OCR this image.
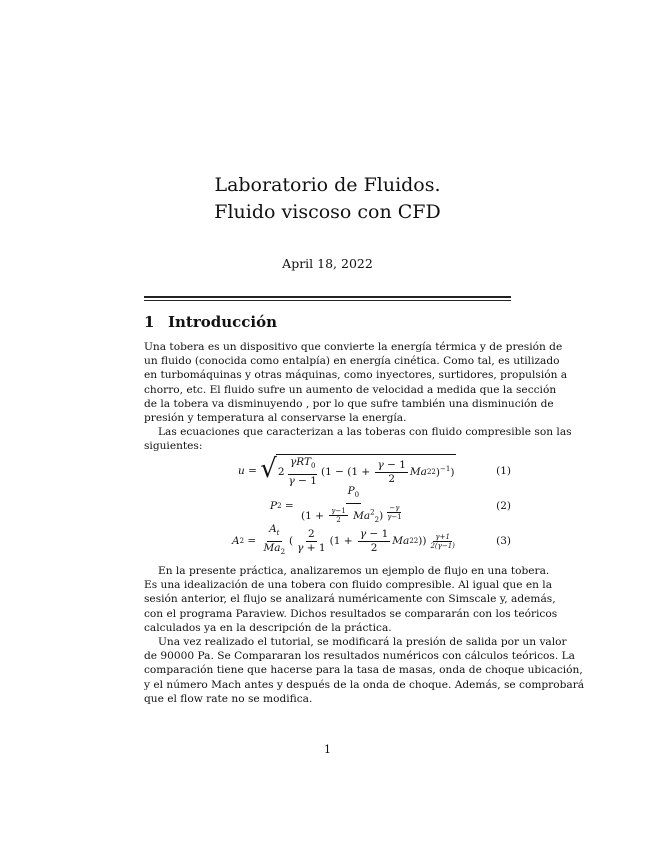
Laboratorio de Fluidos.
Fluido viscoso con CFD
April 18, 2022
1 Introducción
Una tobera es un dispositivo que convierte la energía térmica y de presión de
un fluido (conocida como entalpía) en energía cinética. Como tal, es utilizado
en turbomáquinas y otras máquinas, como inyectores, surtidores, propulsión a
chorro, etc. El fluido sufre un aumento de velocidad a medida que la sección
de la tobera va disminuyendo , por lo que sufre también una disminución de
presión y temperatura al conservarse la energía.
Las ecuaciones que caracterizan a las toberas con fluido compresible son las
siguientes:
u = √ $2 \frac{\gamma RT_0}{\gamma - 1} (1 - (1 + \frac{\gamma - 1}{2}$ Ma 2 2 )$^{-1}$)	(1)
P $2 = P_0$
$(1 + \frac{\gamma-1}{2} Ma^2_2)$ $^{\frac{-\gamma}{\gamma-1}}$	(2)
A $2 = \frac{A_t}{Ma_2}$ ( $\frac{2}{\gamma + 1} (1 + \frac{\gamma - 1}{2}$ Ma 2 2 )) $\frac{\gamma+1}{2(\gamma-1)}$	(3)
En la presente práctica, analizaremos un ejemplo de flujo en una tobera.
Es una idealización de una tobera con fluido compresible. Al igual que en la
sesión anterior, el flujo se analizará numéricamente con Simscale y, además,
con el programa Paraview. Dichos resultados se compararán con los teóricos
calculados ya en la descripción de la práctica.
Una vez realizado el tutorial, se modificará la presión de salida por un valor
de 90000 Pa. Se Compararan los resultados numéricos con cálculos teóricos. La
comparación tiene que hacerse para la tasa de masas, onda de choque ubicación,
y el número Mach antes y después de la onda de choque. Además, se comprobará
que el flow rate no se modifica.
1
